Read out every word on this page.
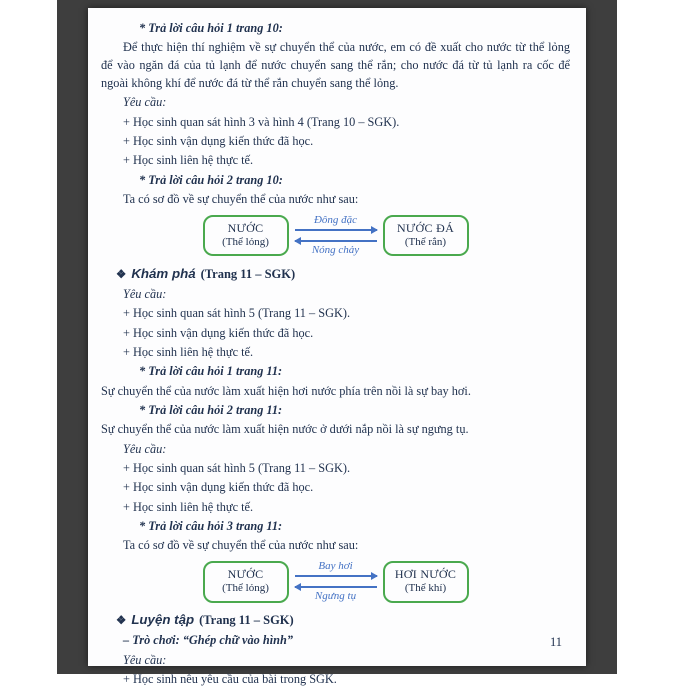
* Trả lời câu hỏi 1 trang 10:

Để thực hiện thí nghiệm về sự chuyển thể của nước, em có đề xuất cho nước từ thể lỏng để vào ngăn đá của tủ lạnh để nước chuyển sang thể rắn; cho nước đá từ tủ lạnh ra cốc để ngoài không khí để nước đá từ thể rắn chuyển sang thể lỏng.

Yêu cầu:

+ Học sinh quan sát hình 3 và hình 4 (Trang 10 – SGK).

+ Học sinh vận dụng kiến thức đã học.

+ Học sinh liên hệ thực tế.

* Trả lời câu hỏi 2 trang 10:

Ta có sơ đồ về sự chuyển thể của nước như sau:

NƯỚC
(Thể lỏng)
Đông đặc
Nóng chảy
NƯỚC ĐÁ
(Thể rắn)

❖ Khám phá (Trang 11 – SGK)

Yêu cầu:

+ Học sinh quan sát hình 5 (Trang 11 – SGK).

+ Học sinh vận dụng kiến thức đã học.

+ Học sinh liên hệ thực tế.

* Trả lời câu hỏi 1 trang 11:

Sự chuyển thể của nước làm xuất hiện hơi nước phía trên nồi là sự bay hơi.

* Trả lời câu hỏi 2 trang 11:

Sự chuyển thể của nước làm xuất hiện nước ở dưới nắp nồi là sự ngưng tụ.

Yêu cầu:

+ Học sinh quan sát hình 5 (Trang 11 – SGK).

+ Học sinh vận dụng kiến thức đã học.

+ Học sinh liên hệ thực tế.

* Trả lời câu hỏi 3 trang 11:

Ta có sơ đồ về sự chuyển thể của nước như sau:

NƯỚC
(Thể lỏng)
Bay hơi
Ngưng tụ
HƠI NƯỚC
(Thể khí)

❖ Luyện tập (Trang 11 – SGK)

– Trò chơi: “Ghép chữ vào hình”

Yêu cầu:

+ Học sinh nêu yêu cầu của bài trong SGK.

11
